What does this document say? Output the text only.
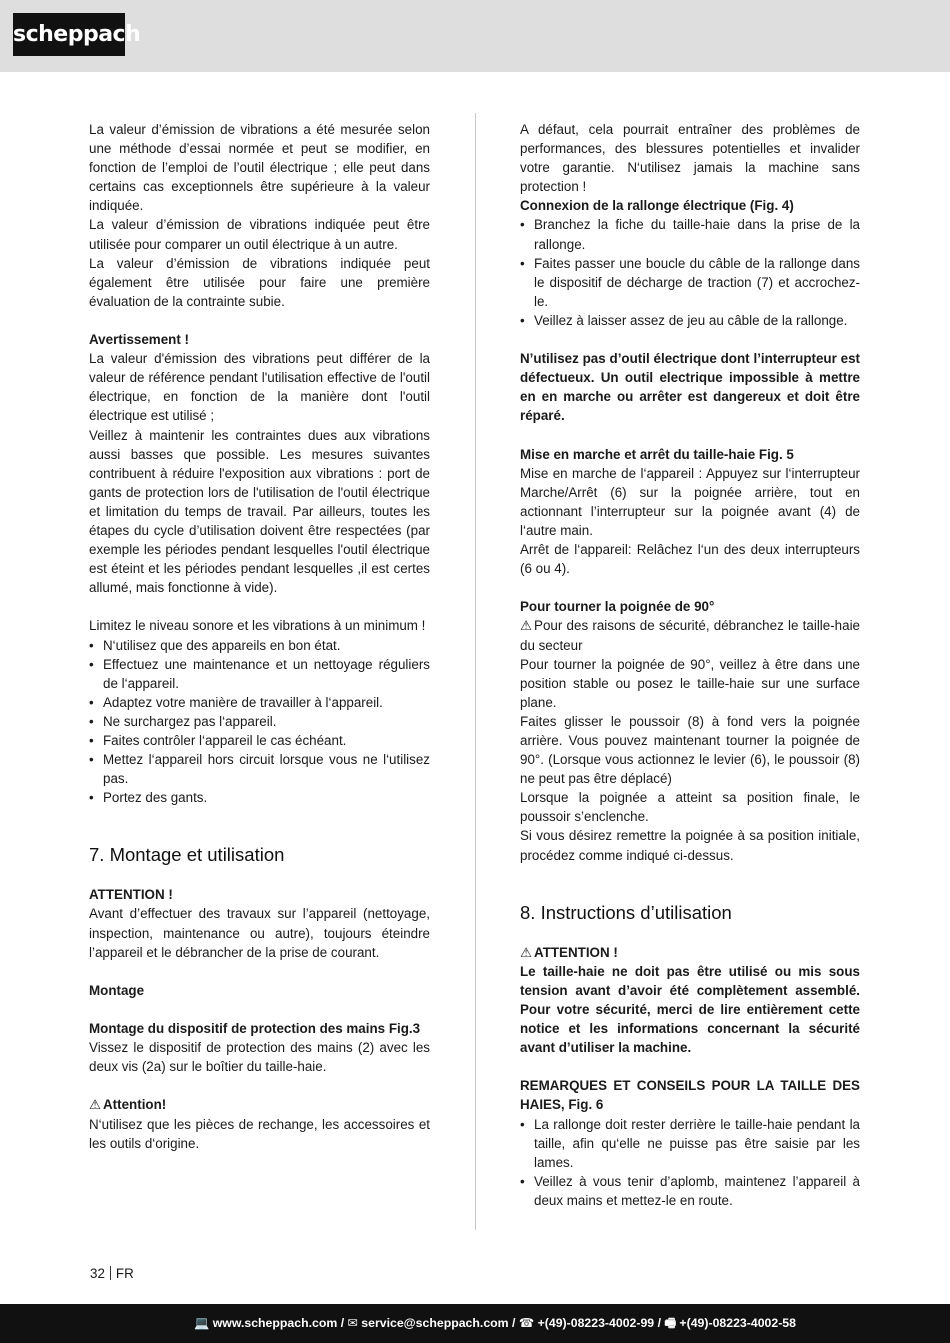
scheppach
La valeur d’émission de vibrations a été mesurée selon une méthode d’essai normée et peut se modifier, en fonction de l’emploi de l’outil électrique ; elle peut dans certains cas exceptionnels être supérieure à la valeur indiquée.
La valeur d’émission de vibrations indiquée peut être utilisée pour comparer un outil électrique à un autre.
La valeur d’émission de vibrations indiquée peut également être utilisée pour faire une première évaluation de la contrainte subie.
Avertissement !
La valeur d'émission des vibrations peut différer de la valeur de référence pendant l'utilisation effective de l'outil électrique, en fonction de la manière dont l'outil électrique est utilisé ;
Veillez à maintenir les contraintes dues aux vibrations aussi basses que possible. Les mesures suivantes contribuent à réduire l'exposition aux vibrations : port de gants de protection lors de l'utilisation de l'outil électrique et limitation du temps de travail. Par ailleurs, toutes les étapes du cycle d’utilisation doivent être respectées (par exemple les périodes pendant lesquelles l'outil électrique est éteint et les périodes pendant lesquelles ,il est certes allumé, mais fonctionne à vide).
Limitez le niveau sonore et les vibrations à un minimum !
• N‘utilisez que des appareils en bon état.
• Effectuez une maintenance et un nettoyage réguliers de l‘appareil.
• Adaptez votre manière de travailler à l‘appareil.
• Ne surchargez pas l‘appareil.
• Faites contrôler l‘appareil le cas échéant.
• Mettez l‘appareil hors circuit lorsque vous ne l‘utilisez pas.
• Portez des gants.
7. Montage et utilisation
ATTENTION !
Avant d’effectuer des travaux sur l’appareil (nettoyage, inspection, maintenance ou autre), toujours éteindre l’appareil et le débrancher de la prise de courant.
Montage
Montage du dispositif de protection des mains Fig.3
Vissez le dispositif de protection des mains (2) avec les deux vis (2a) sur le boîtier du taille-haie.
⚠ Attention!
N‘utilisez que les pièces de rechange, les accessoires et les outils d‘origine.
A défaut, cela pourrait entraîner des problèmes de performances, des blessures potentielles et invalider votre garantie. N‘utilisez jamais la machine sans protection !
Connexion de la rallonge électrique (Fig. 4)
• Branchez la fiche du taille-haie dans la prise de la rallonge.
• Faites passer une boucle du câble de la rallonge dans le dispositif de décharge de traction (7) et accrochez-le.
• Veillez à laisser assez de jeu au câble de la rallonge.
N’utilisez pas d’outil électrique dont l’interrupteur est défectueux. Un outil electrique impossible à mettre en en marche ou arrêter est dangereux et doit être réparé.
Mise en marche et arrêt du taille-haie Fig. 5
Mise en marche de l‘appareil : Appuyez sur l‘interrupteur Marche/Arrêt (6) sur la poignée arrière, tout en actionnant l’interrupteur sur la poignée avant (4) de l‘autre main.
Arrêt de l‘appareil: Relâchez l‘un des deux interrupteurs (6 ou 4).
Pour tourner la poignée de 90°
⚠ Pour des raisons de sécurité, débranchez le taille-haie du secteur
Pour tourner la poignée de 90°, veillez à être dans une position stable ou posez le taille-haie sur une surface plane.
Faites glisser le poussoir (8) à fond vers la poignée arrière. Vous pouvez maintenant tourner la poignée de 90°. (Lorsque vous actionnez le levier (6), le poussoir (8) ne peut pas être déplacé)
Lorsque la poignée a atteint sa position finale, le poussoir s’enclenche.
Si vous désirez remettre la poignée à sa position initiale, procédez comme indiqué ci-dessus.
8. Instructions d’utilisation
⚠ ATTENTION !
Le taille-haie ne doit pas être utilisé ou mis sous tension avant d’avoir été complètement assemblé. Pour votre sécurité, merci de lire entièrement cette notice et les informations concernant la sécurité avant d’utiliser la machine.
REMARQUES ET CONSEILS POUR LA TAILLE DES HAIES, Fig. 6
• La rallonge doit rester derrière le taille-haie pendant la taille, afin qu‘elle ne puisse pas être saisie par les lames.
• Veillez à vous tenir d’aplomb, maintenez l’appareil à deux mains et mettez-le en route.
32 FR
💻 www.scheppach.com / ✉ service@scheppach.com / ☎ +(49)-08223-4002-99 / 🖷 +(49)-08223-4002-58
